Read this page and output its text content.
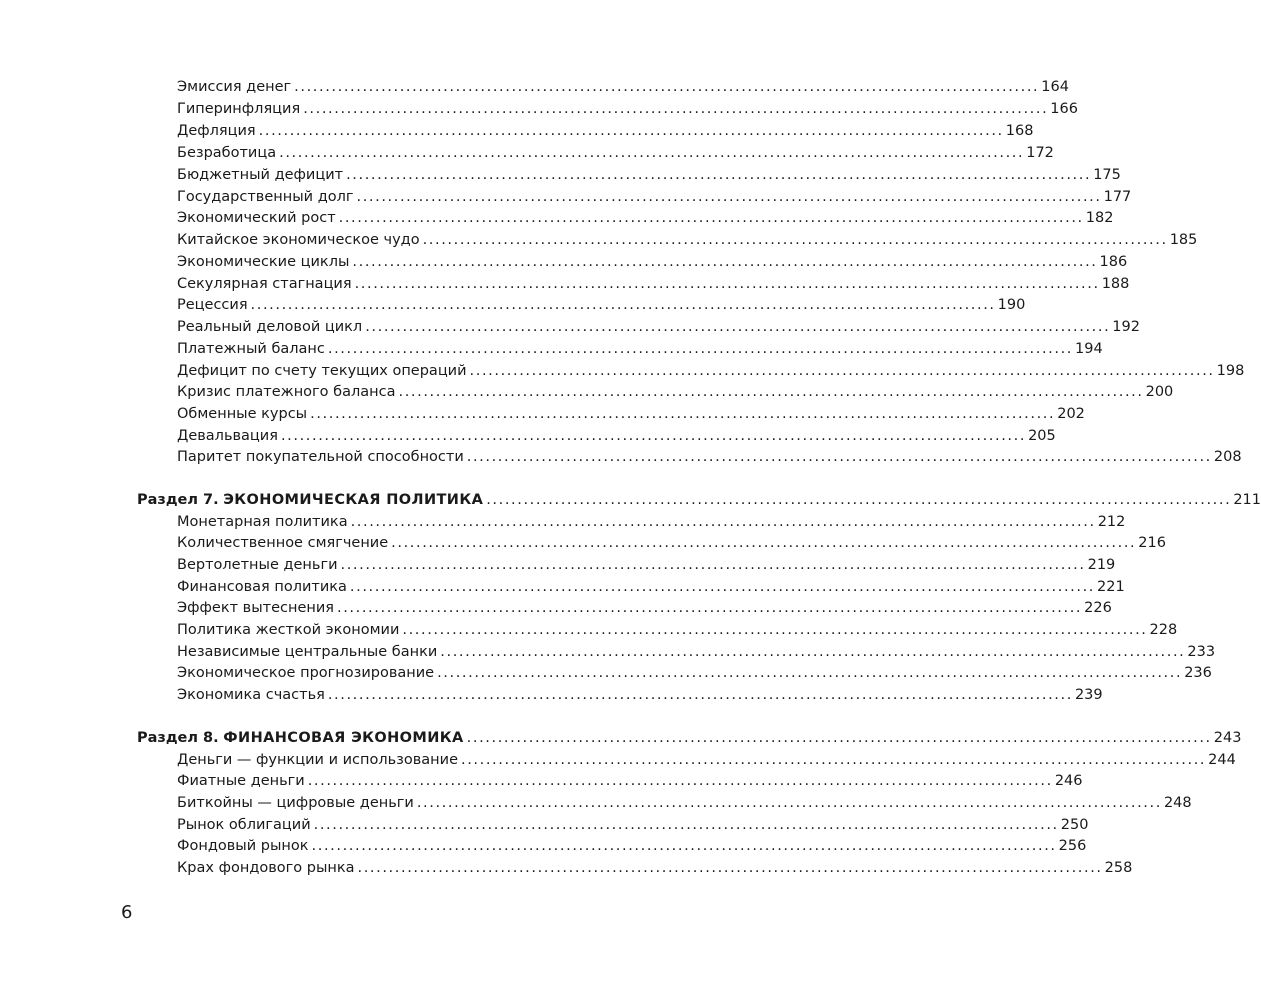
Эмиссия денег ........................................................................................................................ 164
Гиперинфляция ........................................................................................................................ 166
Дефляция ........................................................................................................................ 168
Безработица ........................................................................................................................ 172
Бюджетный дефицит ........................................................................................................................ 175
Государственный долг ........................................................................................................................ 177
Экономический рост ........................................................................................................................ 182
Китайское экономическое чудо ........................................................................................................................ 185
Экономические циклы ........................................................................................................................ 186
Секулярная стагнация ........................................................................................................................ 188
Рецессия ........................................................................................................................ 190
Реальный деловой цикл ........................................................................................................................ 192
Платежный баланс ........................................................................................................................ 194
Дефицит по счету текущих операций ........................................................................................................................ 198
Кризис платежного баланса ........................................................................................................................ 200
Обменные курсы ........................................................................................................................ 202
Девальвация ........................................................................................................................ 205
Паритет покупательной способности ........................................................................................................................ 208
Раздел 7. ЭКОНОМИЧЕСКАЯ ПОЛИТИКА ........................................................................................................................ 211
Монетарная политика ........................................................................................................................ 212
Количественное смягчение ........................................................................................................................ 216
Вертолетные деньги ........................................................................................................................ 219
Финансовая политика ........................................................................................................................ 221
Эффект вытеснения ........................................................................................................................ 226
Политика жесткой экономии ........................................................................................................................ 228
Независимые центральные банки ........................................................................................................................ 233
Экономическое прогнозирование ........................................................................................................................ 236
Экономика счастья ........................................................................................................................ 239
Раздел 8. ФИНАНСОВАЯ ЭКОНОМИКА ........................................................................................................................ 243
Деньги — функции и использование ........................................................................................................................ 244
Фиатные деньги ........................................................................................................................ 246
Биткойны — цифровые деньги ........................................................................................................................ 248
Рынок облигаций ........................................................................................................................ 250
Фондовый рынок ........................................................................................................................ 256
Крах фондового рынка ........................................................................................................................ 258
6
